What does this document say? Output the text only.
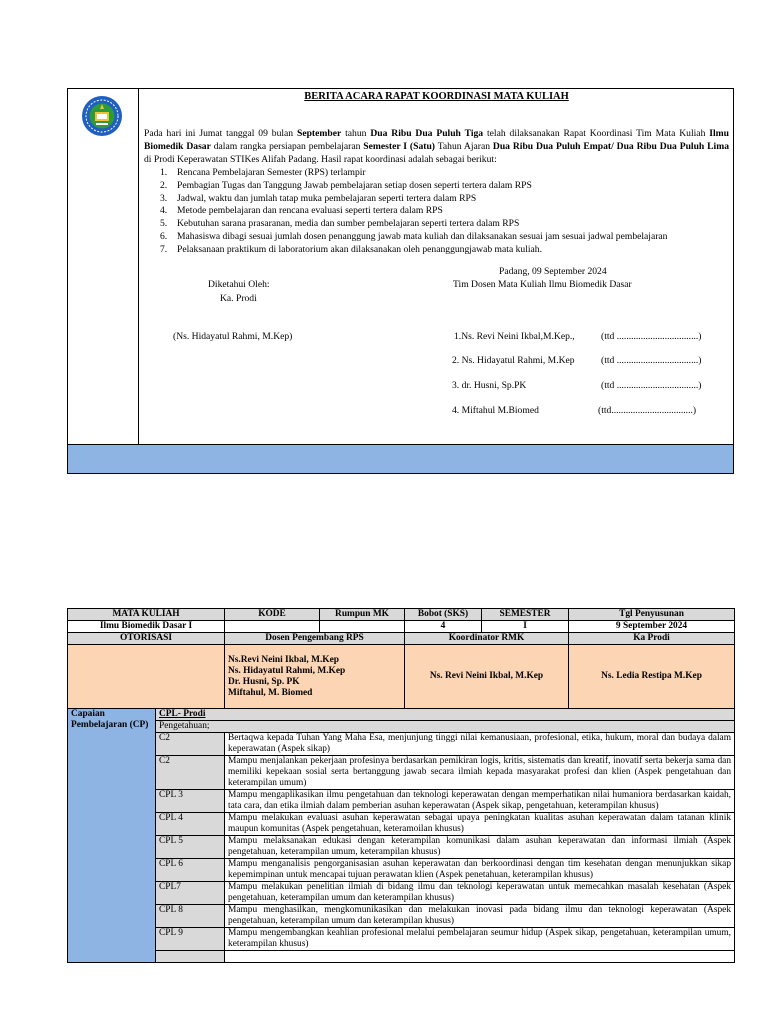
BERITA ACARA RAPAT KOORDINASI MATA KULIAH

Pada hari ini Jumat tanggal 09 bulan September tahun Dua Ribu Dua Puluh Tiga telah dilaksanakan Rapat Koordinasi Tim Mata Kuliah Ilmu Biomedik Dasar dalam rangka persiapan pembelajaran Semester I (Satu) Tahun Ajaran Dua Ribu Dua Puluh Empat/ Dua Ribu Dua Puluh Lima di Prodi Keperawatan STIKes Alifah Padang. Hasil rapat koordinasi adalah sebagai berikut:

1.	Rencana Pembelajaran Semester (RPS) terlampir
2.	Pembagian Tugas dan Tanggung Jawab pembelajaran setiap dosen seperti tertera dalam RPS
3.	Jadwal, waktu dan jumlah tatap muka pembelajaran seperti tertera dalam RPS
4.	Metode pembelajaran dan rencana evaluasi seperti tertera dalam RPS
5.	Kebutuhan sarana prasaranan, media dan sumber pembelajaran seperti tertera dalam RPS
6.	Mahasiswa dibagi sesuai jumlah dosen penanggung jawab mata kuliah dan dilaksanakan sesuai jam sesuai jadwal pembelajaran
7.	Pelaksanaan praktikum di laboratorium akan dilaksanakan oleh penanggungjawab mata kuliah.
Padang, 09 September 2024
Diketahui Oleh:	Tim Dosen Mata Kuliah Ilmu Biomedik Dasar
Ka. Prodi
(Ns. Hidayatul Rahmi, M.Kep)	1.Ns. Revi Neini Ikbal,M.Kep.,	(ttd ..................................)
2. Ns. Hidayatul Rahmi, M.Kep	(ttd ..................................)
3. dr. Husni, Sp.PK	(ttd ..................................)
4. Miftahul M.Biomed	(ttd..................................)
MATA KULIAH		KODE	Rumpun MK	Bobot (SKS)	SEMESTER	Tgl Penyusunan
Ilmu Biomedik Dasar I				4	I	9 September 2024
OTORISASI		Dosen Pengembang RPS		Koordinator RMK		Ka Prodi

		Ns.Revi Neini Ikbal, M.Kep
Ns. Hidayatul Rahmi, M.Kep
Dr. Husni, Sp. PK
Miftahul, M. Biomed		Ns. Revi Neini Ikbal, M.Kep		Ns. Ledia Restipa M.Kep
Capaian Pembelajaran (CP)	CPL- Prodi					
	Pengetahuan;					
	C2	Bertaqwa kepada Tuhan Yang Maha Esa, menjunjung tinggi nilai kemanusiaan, profesional, etika, hukum, moral dan budaya dalam keperawatan (Aspek sikap)				
	C2	Mampu menjalankan pekerjaan profesinya berdasarkan pemikiran logis, kritis, sistematis dan kreatif, inovatif serta bekerja sama dan memiliki kepekaan sosial serta bertanggung jawab secara ilmiah kepada masyarakat profesi dan klien (Aspek pengetahuan dan keterampilan umum)				
	CPL 3	Mampu mengaplikasikan ilmu pengetahuan dan teknologi keperawatan dengan memperhatikan nilai humaniora berdasarkan kaidah, tata cara, dan etika ilmiah dalam pemberian asuhan keperawatan (Aspek sikap, pengetahuan, keterampilan khusus)				
	CPL 4	Mampu melakukan evaluasi asuhan keperawatan sebagai upaya peningkatan kualitas asuhan keperawatan dalam tatanan klinik maupun komunitas (Aspek pengetahuan, keteramoilan khusus)				
	CPL 5	Mampu melaksanakan edukasi dengan keterampilan komunikasi dalam asuhan keperawatan dan informasi ilmiah (Aspek pengetahuan, keterampilan umum, keterampilan khusus)				
	CPL 6	Mampu menganalisis pengorganisasian asuhan keperawatan dan berkoordinasi dengan tim kesehatan dengan menunjukkan sikap kepemimpinan untuk mencapai tujuan perawatan klien (Aspek penetahuan, keterampilan khusus)				
	CPL7	Mampu melakukan penelitian ilmiah di bidang ilmu dan teknologi keperawatan untuk memecahkan masalah kesehatan (Aspek pengetahuan, keterampilan umum dan keterampilan khusus)				
	CPL 8	Mampu menghasilkan, mengkomunikasikan dan melakukan inovasi pada bidang ilmu dan teknologi keperawatan (Aspek pengetahuan, keterampilan umum dan keterampilan khusus)				
	CPL 9	Mampu mengembangkan keahlian profesional melalui pembelajaran seumur hidup (Aspek sikap, pengetahuan, keterampilan umum, keterampilan khusus)				
